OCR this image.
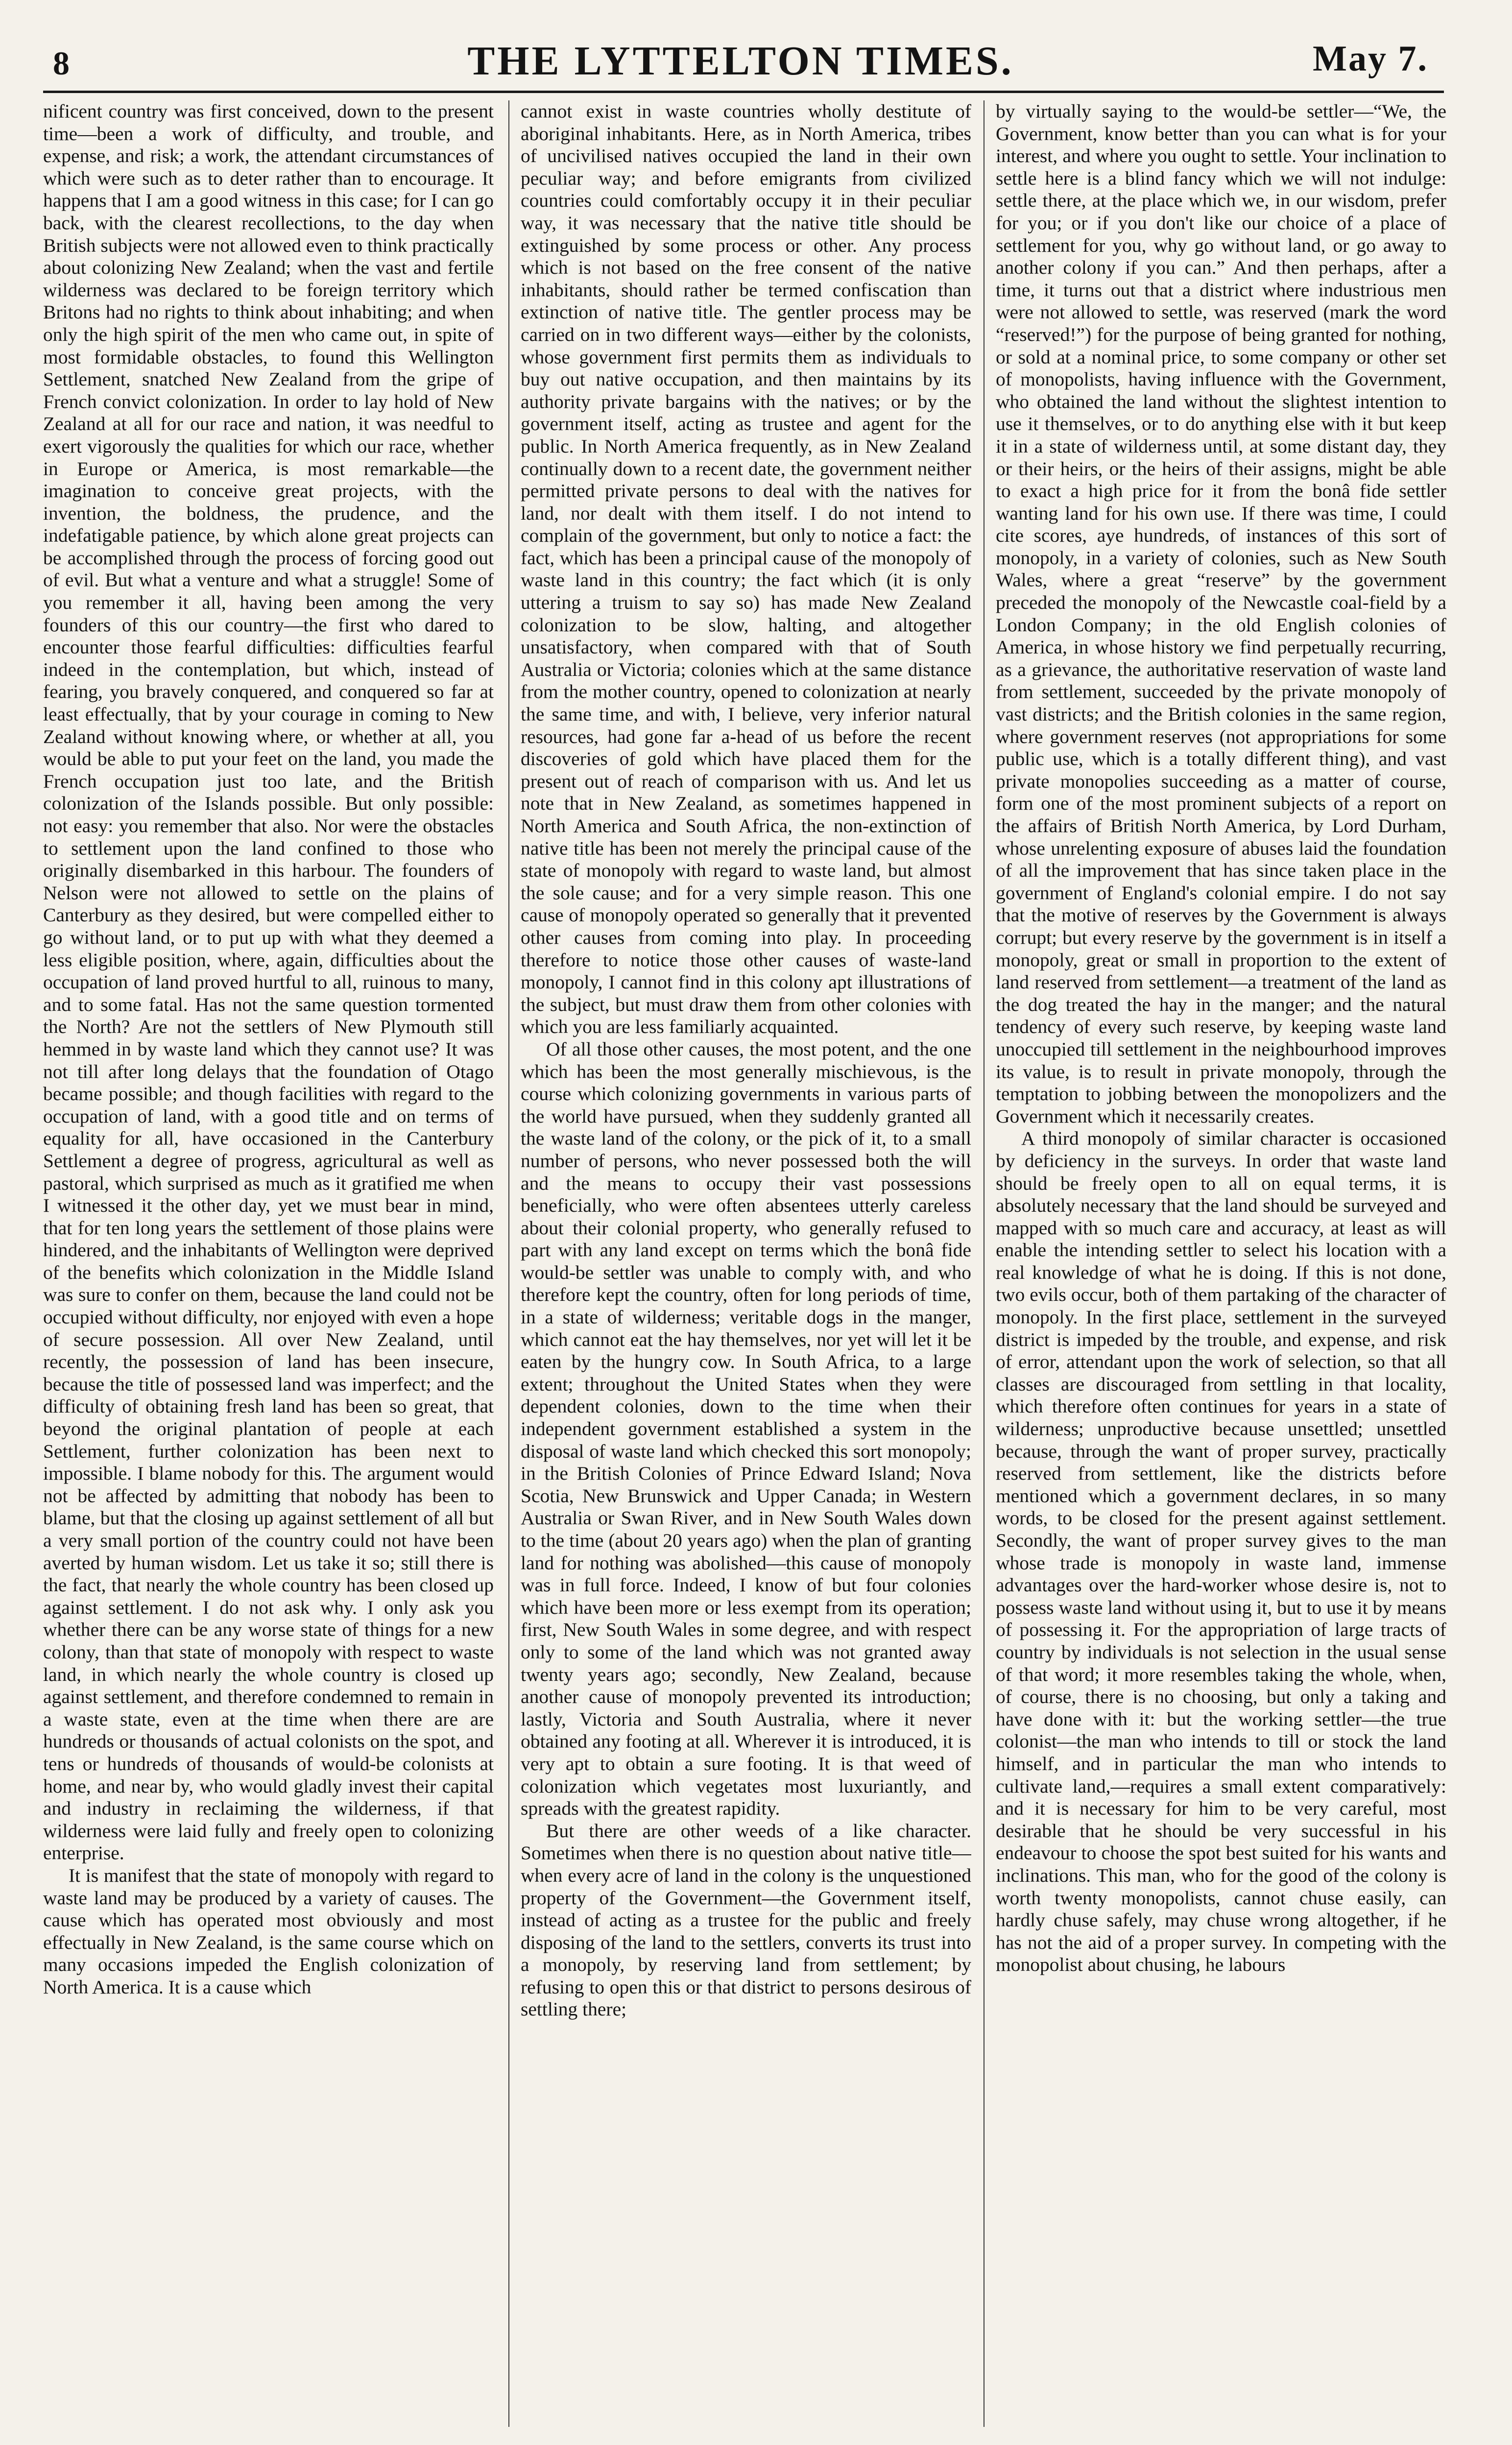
8	THE LYTTELTON TIMES.	May 7.

nificent country was first conceived, down to the present time—been a work of difficulty, and trouble, and expense, and risk; a work, the attendant circumstances of which were such as to deter rather than to encourage. It happens that I am a good witness in this case; for I can go back, with the clearest recollections, to the day when British subjects were not allowed even to think practically about colonizing New Zealand; when the vast and fertile wilderness was declared to be foreign territory which Britons had no rights to think about inhabiting; and when only the high spirit of the men who came out, in spite of most formidable obstacles, to found this Wellington Settlement, snatched New Zealand from the gripe of French convict colonization. In order to lay hold of New Zealand at all for our race and nation, it was needful to exert vigorously the qualities for which our race, whether in Europe or America, is most remarkable—the imagination to conceive great projects, with the invention, the boldness, the prudence, and the indefatigable patience, by which alone great projects can be accomplished through the process of forcing good out of evil. But what a venture and what a struggle! Some of you remember it all, having been among the very founders of this our country—the first who dared to encounter those fearful difficulties: difficulties fearful indeed in the contemplation, but which, instead of fearing, you bravely conquered, and conquered so far at least effectually, that by your courage in coming to New Zealand without knowing where, or whether at all, you would be able to put your feet on the land, you made the French occupation just too late, and the British colonization of the Islands possible. But only possible: not easy: you remember that also. Nor were the obstacles to settlement upon the land confined to those who originally disembarked in this harbour. The founders of Nelson were not allowed to settle on the plains of Canterbury as they desired, but were compelled either to go without land, or to put up with what they deemed a less eligible position, where, again, difficulties about the occupation of land proved hurtful to all, ruinous to many, and to some fatal. Has not the same question tormented the North? Are not the settlers of New Plymouth still hemmed in by waste land which they cannot use? It was not till after long delays that the foundation of Otago became possible; and though facilities with regard to the occupation of land, with a good title and on terms of equality for all, have occasioned in the Canterbury Settlement a degree of progress, agricultural as well as pastoral, which surprised as much as it gratified me when I witnessed it the other day, yet we must bear in mind, that for ten long years the settlement of those plains were hindered, and the inhabitants of Wellington were deprived of the benefits which colonization in the Middle Island was sure to confer on them, because the land could not be occupied without difficulty, nor enjoyed with even a hope of secure possession. All over New Zealand, until recently, the possession of land has been insecure, because the title of possessed land was imperfect; and the difficulty of obtaining fresh land has been so great, that beyond the original plantation of people at each Settlement, further colonization has been next to impossible. I blame nobody for this. The argument would not be affected by admitting that nobody has been to blame, but that the closing up against settlement of all but a very small portion of the country could not have been averted by human wisdom. Let us take it so; still there is the fact, that nearly the whole country has been closed up against settlement. I do not ask why. I only ask you whether there can be any worse state of things for a new colony, than that state of monopoly with respect to waste land, in which nearly the whole country is closed up against settlement, and therefore condemned to remain in a waste state, even at the time when there are are hundreds or thousands of actual colonists on the spot, and tens or hundreds of thousands of would-be colonists at home, and near by, who would gladly invest their capital and industry in reclaiming the wilderness, if that wilderness were laid fully and freely open to colonizing enterprise.

It is manifest that the state of monopoly with regard to waste land may be produced by a variety of causes. The cause which has operated most obviously and most effectually in New Zealand, is the same course which on many occasions impeded the English colonization of North America. It is a cause which

cannot exist in waste countries wholly destitute of aboriginal inhabitants. Here, as in North America, tribes of uncivilised natives occupied the land in their own peculiar way; and before emigrants from civilized countries could comfortably occupy it in their peculiar way, it was necessary that the native title should be extinguished by some process or other. Any process which is not based on the free consent of the native inhabitants, should rather be termed confiscation than extinction of native title. The gentler process may be carried on in two different ways—either by the colonists, whose government first permits them as individuals to buy out native occupation, and then maintains by its authority private bargains with the natives; or by the government itself, acting as trustee and agent for the public. In North America frequently, as in New Zealand continually down to a recent date, the government neither permitted private persons to deal with the natives for land, nor dealt with them itself. I do not intend to complain of the government, but only to notice a fact: the fact, which has been a principal cause of the monopoly of waste land in this country; the fact which (it is only uttering a truism to say so) has made New Zealand colonization to be slow, halting, and altogether unsatisfactory, when compared with that of South Australia or Victoria; colonies which at the same distance from the mother country, opened to colonization at nearly the same time, and with, I believe, very inferior natural resources, had gone far a-head of us before the recent discoveries of gold which have placed them for the present out of reach of comparison with us. And let us note that in New Zealand, as sometimes happened in North America and South Africa, the non-extinction of native title has been not merely the principal cause of the state of monopoly with regard to waste land, but almost the sole cause; and for a very simple reason. This one cause of monopoly operated so generally that it prevented other causes from coming into play. In proceeding therefore to notice those other causes of waste-land monopoly, I cannot find in this colony apt illustrations of the subject, but must draw them from other colonies with which you are less familiarly acquainted.

Of all those other causes, the most potent, and the one which has been the most generally mischievous, is the course which colonizing governments in various parts of the world have pursued, when they suddenly granted all the waste land of the colony, or the pick of it, to a small number of persons, who never possessed both the will and the means to occupy their vast possessions beneficially, who were often absentees utterly careless about their colonial property, who generally refused to part with any land except on terms which the bonâ fide would-be settler was unable to comply with, and who therefore kept the country, often for long periods of time, in a state of wilderness; veritable dogs in the manger, which cannot eat the hay themselves, nor yet will let it be eaten by the hungry cow. In South Africa, to a large extent; throughout the United States when they were dependent colonies, down to the time when their independent government established a system in the disposal of waste land which checked this sort monopoly; in the British Colonies of Prince Edward Island; Nova Scotia, New Brunswick and Upper Canada; in Western Australia or Swan River, and in New South Wales down to the time (about 20 years ago) when the plan of granting land for nothing was abolished—this cause of monopoly was in full force. Indeed, I know of but four colonies which have been more or less exempt from its operation; first, New South Wales in some degree, and with respect only to some of the land which was not granted away twenty years ago; secondly, New Zealand, because another cause of monopoly prevented its introduction; lastly, Victoria and South Australia, where it never obtained any footing at all. Wherever it is introduced, it is very apt to obtain a sure footing. It is that weed of colonization which vegetates most luxuriantly, and spreads with the greatest rapidity.

But there are other weeds of a like character. Sometimes when there is no question about native title—when every acre of land in the colony is the unquestioned property of the Government—the Government itself, instead of acting as a trustee for the public and freely disposing of the land to the settlers, converts its trust into a monopoly, by reserving land from settlement; by refusing to open this or that district to persons desirous of settling there;

by virtually saying to the would-be settler—“We, the Government, know better than you can what is for your interest, and where you ought to settle. Your inclination to settle here is a blind fancy which we will not indulge: settle there, at the place which we, in our wisdom, prefer for you; or if you don't like our choice of a place of settlement for you, why go without land, or go away to another colony if you can.” And then perhaps, after a time, it turns out that a district where industrious men were not allowed to settle, was reserved (mark the word “reserved!”) for the purpose of being granted for nothing, or sold at a nominal price, to some company or other set of monopolists, having influence with the Government, who obtained the land without the slightest intention to use it themselves, or to do anything else with it but keep it in a state of wilderness until, at some distant day, they or their heirs, or the heirs of their assigns, might be able to exact a high price for it from the bonâ fide settler wanting land for his own use. If there was time, I could cite scores, aye hundreds, of instances of this sort of monopoly, in a variety of colonies, such as New South Wales, where a great “reserve” by the government preceded the monopoly of the Newcastle coal-field by a London Company; in the old English colonies of America, in whose history we find perpetually recurring, as a grievance, the authoritative reservation of waste land from settlement, succeeded by the private monopoly of vast districts; and the British colonies in the same region, where government reserves (not appropriations for some public use, which is a totally different thing), and vast private monopolies succeeding as a matter of course, form one of the most prominent subjects of a report on the affairs of British North America, by Lord Durham, whose unrelenting exposure of abuses laid the foundation of all the improvement that has since taken place in the government of England's colonial empire. I do not say that the motive of reserves by the Government is always corrupt; but every reserve by the government is in itself a monopoly, great or small in proportion to the extent of land reserved from settlement—a treatment of the land as the dog treated the hay in the manger; and the natural tendency of every such reserve, by keeping waste land unoccupied till settlement in the neighbourhood improves its value, is to result in private monopoly, through the temptation to jobbing between the monopolizers and the Government which it necessarily creates.

A third monopoly of similar character is occasioned by deficiency in the surveys. In order that waste land should be freely open to all on equal terms, it is absolutely necessary that the land should be surveyed and mapped with so much care and accuracy, at least as will enable the intending settler to select his location with a real knowledge of what he is doing. If this is not done, two evils occur, both of them partaking of the character of monopoly. In the first place, settlement in the surveyed district is impeded by the trouble, and expense, and risk of error, attendant upon the work of selection, so that all classes are discouraged from settling in that locality, which therefore often continues for years in a state of wilderness; unproductive because unsettled; unsettled because, through the want of proper survey, practically reserved from settlement, like the districts before mentioned which a government declares, in so many words, to be closed for the present against settlement. Secondly, the want of proper survey gives to the man whose trade is monopoly in waste land, immense advantages over the hard-worker whose desire is, not to possess waste land without using it, but to use it by means of possessing it. For the appropriation of large tracts of country by individuals is not selection in the usual sense of that word; it more resembles taking the whole, when, of course, there is no choosing, but only a taking and have done with it: but the working settler—the true colonist—the man who intends to till or stock the land himself, and in particular the man who intends to cultivate land,—requires a small extent comparatively: and it is necessary for him to be very careful, most desirable that he should be very successful in his endeavour to choose the spot best suited for his wants and inclinations. This man, who for the good of the colony is worth twenty monopolists, cannot chuse easily, can hardly chuse safely, may chuse wrong altogether, if he has not the aid of a proper survey. In competing with the monopolist about chusing, he labours
